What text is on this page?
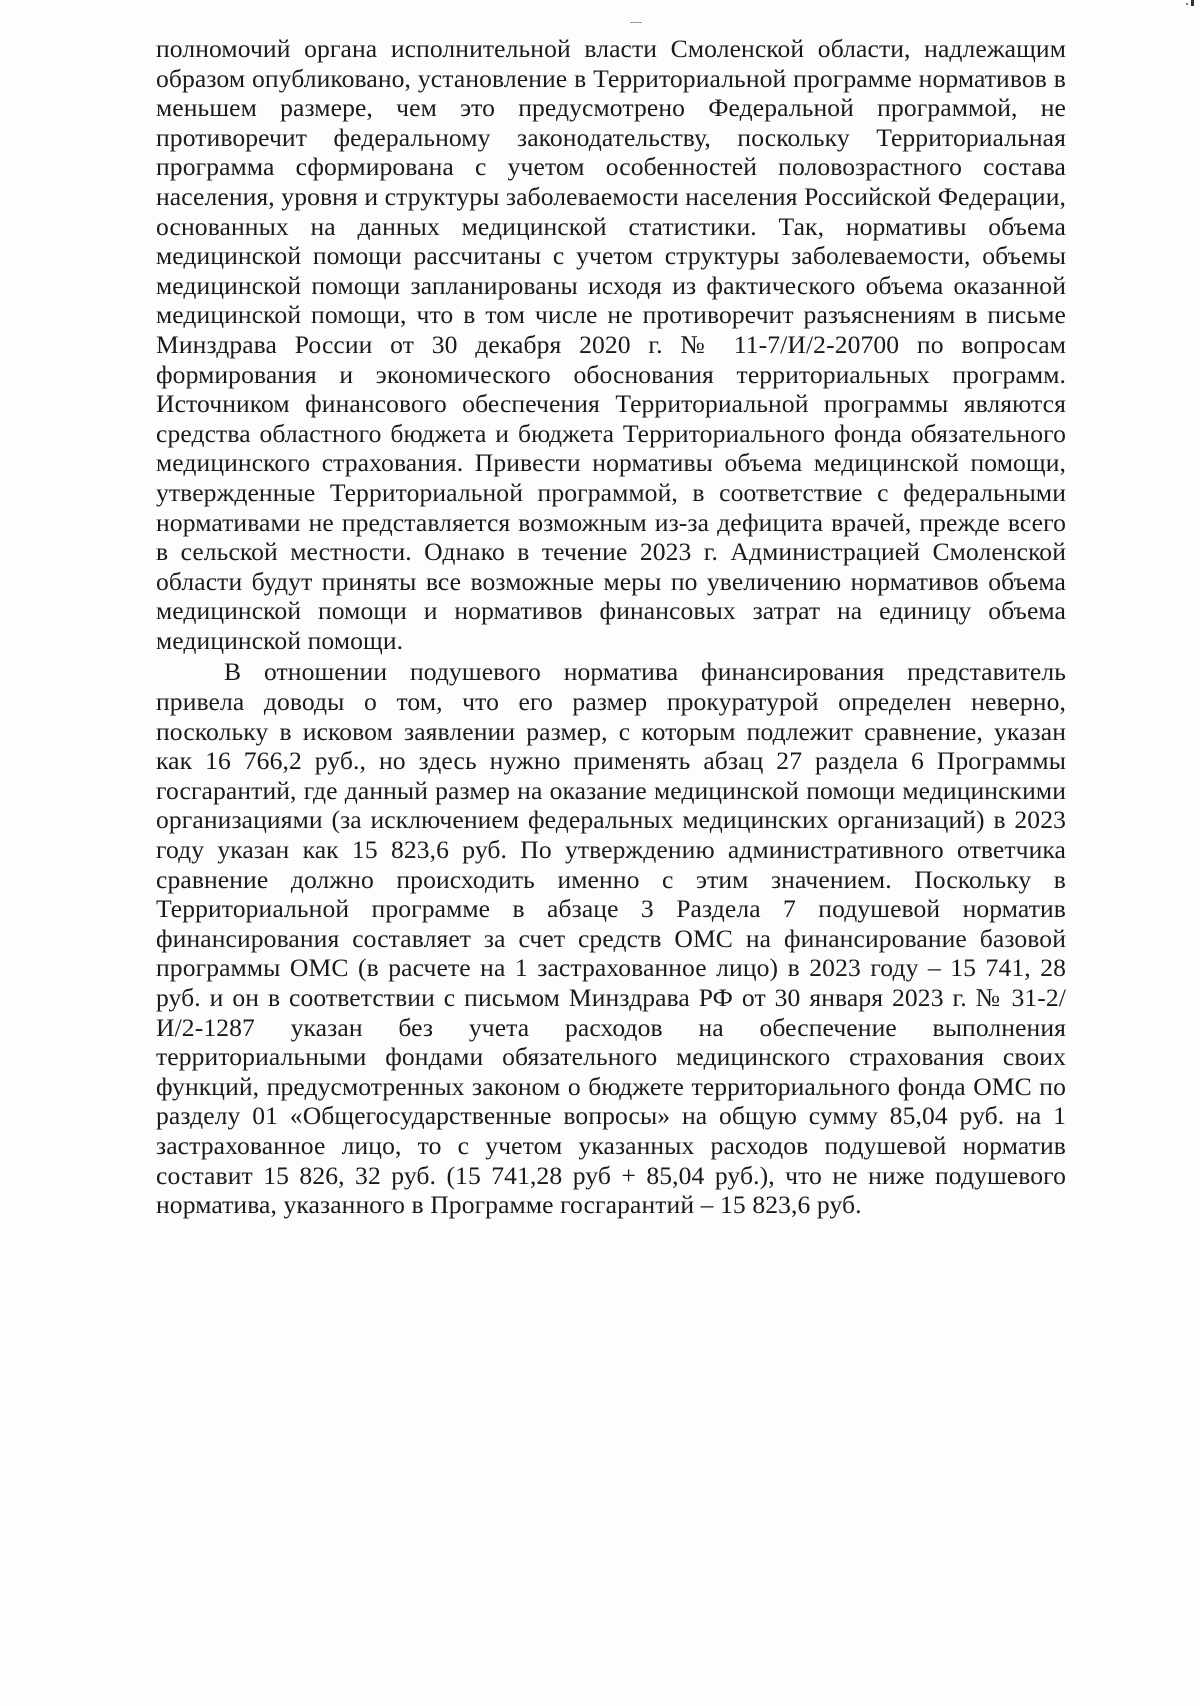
полномочий органа исполнительной власти Смоленской области, надлежащим образом опубликовано, установление в Территориальной программе нормативов в меньшем размере, чем это предусмотрено Федеральной программой, не противоречит федеральному законодательству, поскольку Территориальная программа сформирована с учетом особенностей половозрастного состава населения, уровня и структуры заболеваемости населения Российской Федерации, основанных на данных медицинской статистики. Так, нормативы объема медицинской помощи рассчитаны с учетом структуры заболеваемости, объемы медицинской помощи запланированы исходя из фактического объема оказанной медицинской помощи, что в том числе не противоречит разъяснениям в письме Минздрава России от 30 декабря 2020 г. № 11-7/И/2-20700 по вопросам формирования и экономического обоснования территориальных программ. Источником финансового обеспечения Территориальной программы являются средства областного бюджета и бюджета Территориального фонда обязательного медицинского страхования. Привести нормативы объема медицинской помощи, утвержденные Территориальной программой, в соответствие с федеральными нормативами не представляется возможным из-за дефицита врачей, прежде всего в сельской местности. Однако в течение 2023 г. Администрацией Смоленской области будут приняты все возможные меры по увеличению нормативов объема медицинской помощи и нормативов финансовых затрат на единицу объема медицинской помощи.

В отношении подушевого норматива финансирования представитель привела доводы о том, что его размер прокуратурой определен неверно, поскольку в исковом заявлении размер, с которым подлежит сравнение, указан как 16 766,2 руб., но здесь нужно применять абзац 27 раздела 6 Программы госгарантий, где данный размер на оказание медицинской помощи медицинскими организациями (за исключением федеральных медицинских организаций) в 2023 году указан как 15 823,6 руб. По утверждению административного ответчика сравнение должно происходить именно с этим значением. Поскольку в Территориальной программе в абзаце 3 Раздела 7 подушевой норматив финансирования составляет за счет средств ОМС на финансирование базовой программы ОМС (в расчете на 1 застрахованное лицо) в 2023 году – 15 741, 28 руб. и он в соответствии с письмом Минздрава РФ от 30 января 2023 г. № 31-2/И/2-1287 указан без учета расходов на обеспечение выполнения территориальными фондами обязательного медицинского страхования своих функций, предусмотренных законом о бюджете территориального фонда ОМС по разделу 01 «Общегосударственные вопросы» на общую сумму 85,04 руб. на 1 застрахованное лицо, то с учетом указанных расходов подушевой норматив составит 15 826, 32 руб. (15 741,28 руб + 85,04 руб.), что не ниже подушевого норматива, указанного в Программе госгарантий – 15 823,6 руб.
